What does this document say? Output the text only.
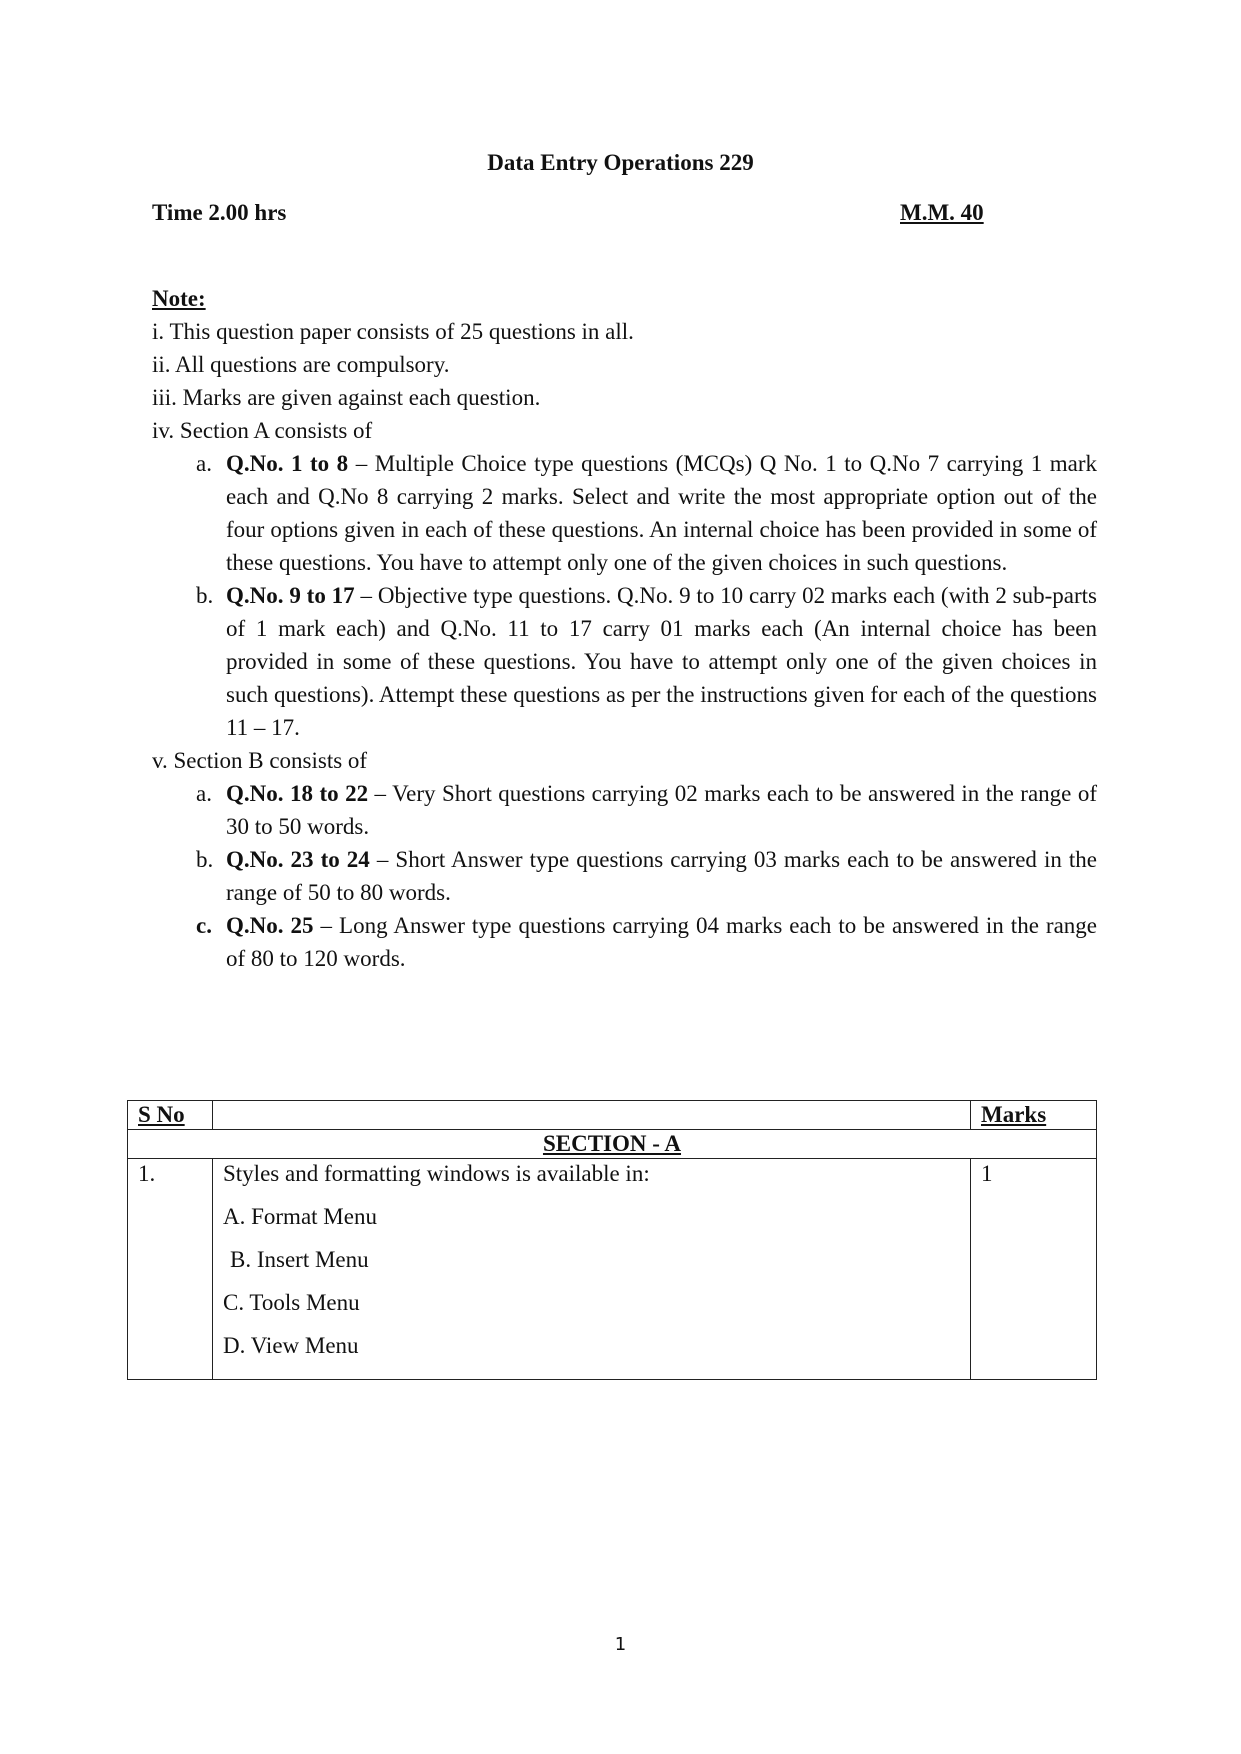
Data Entry Operations 229
Time 2.00 hrs	M.M. 40

Note:

i. This question paper consists of 25 questions in all.

ii. All questions are compulsory.

iii. Marks are given against each question.

iv. Section A consists of

a. Q.No. 1 to 8 – Multiple Choice type questions (MCQs) Q No. 1 to Q.No 7 carrying 1 mark each and Q.No 8 carrying 2 marks. Select and write the most appropriate option out of the four options given in each of these questions. An internal choice has been provided in some of these questions. You have to attempt only one of the given choices in such questions.

b. Q.No. 9 to 17 – Objective type questions. Q.No. 9 to 10 carry 02 marks each (with 2 sub-parts of 1 mark each) and Q.No. 11 to 17 carry 01 marks each (An internal choice has been provided in some of these questions. You have to attempt only one of the given choices in such questions). Attempt these questions as per the instructions given for each of the questions 11 – 17.

v. Section B consists of

a. Q.No. 18 to 22 – Very Short questions carrying 02 marks each to be answered in the range of 30 to 50 words.

b. Q.No. 23 to 24 – Short Answer type questions carrying 03 marks each to be answered in the range of 50 to 80 words.

c. Q.No. 25 – Long Answer type questions carrying 04 marks each to be answered in the range of 80 to 120 words.

S No		Marks
SECTION - A		
1.	Styles and formatting windows is available in:
A. Format Menu
B. Insert Menu
C. Tools Menu
D. View Menu	1
1
